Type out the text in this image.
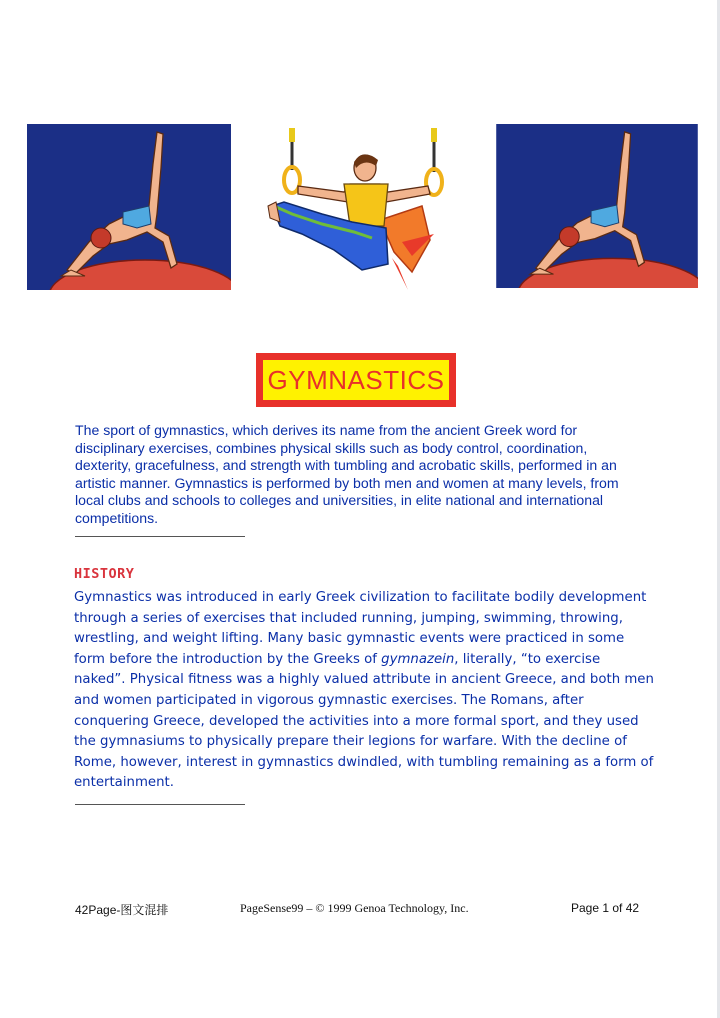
GYMNASTICS

The sport of gymnastics, which derives its name from the ancient Greek word for disciplinary exercises, combines physical skills such as body control, coordination, dexterity, gracefulness, and strength with tumbling and acrobatic skills, performed in an artistic manner. Gymnastics is performed by both men and women at many levels, from local clubs and schools to colleges and universities, in elite national and international competitions.

HISTORY

Gymnastics was introduced in early Greek civilization to facilitate bodily development through a series of exercises that included running, jumping, swimming, throwing, wrestling, and weight lifting. Many basic gymnastic events were practiced in some form before the introduction by the Greeks of gymnazein, literally, “to exercise naked”. Physical fitness was a highly valued attribute in ancient Greece, and both men and women participated in vigorous gymnastic exercises. The Romans, after conquering Greece, developed the activities into a more formal sport, and they used the gymnasiums to physically prepare their legions for warfare. With the decline of Rome, however, interest in gymnastics dwindled, with tumbling remaining as a form of entertainment.

42Page-图文混排	PageSense99 – © 1999 Genoa Technology, Inc.	Page 1 of 42
